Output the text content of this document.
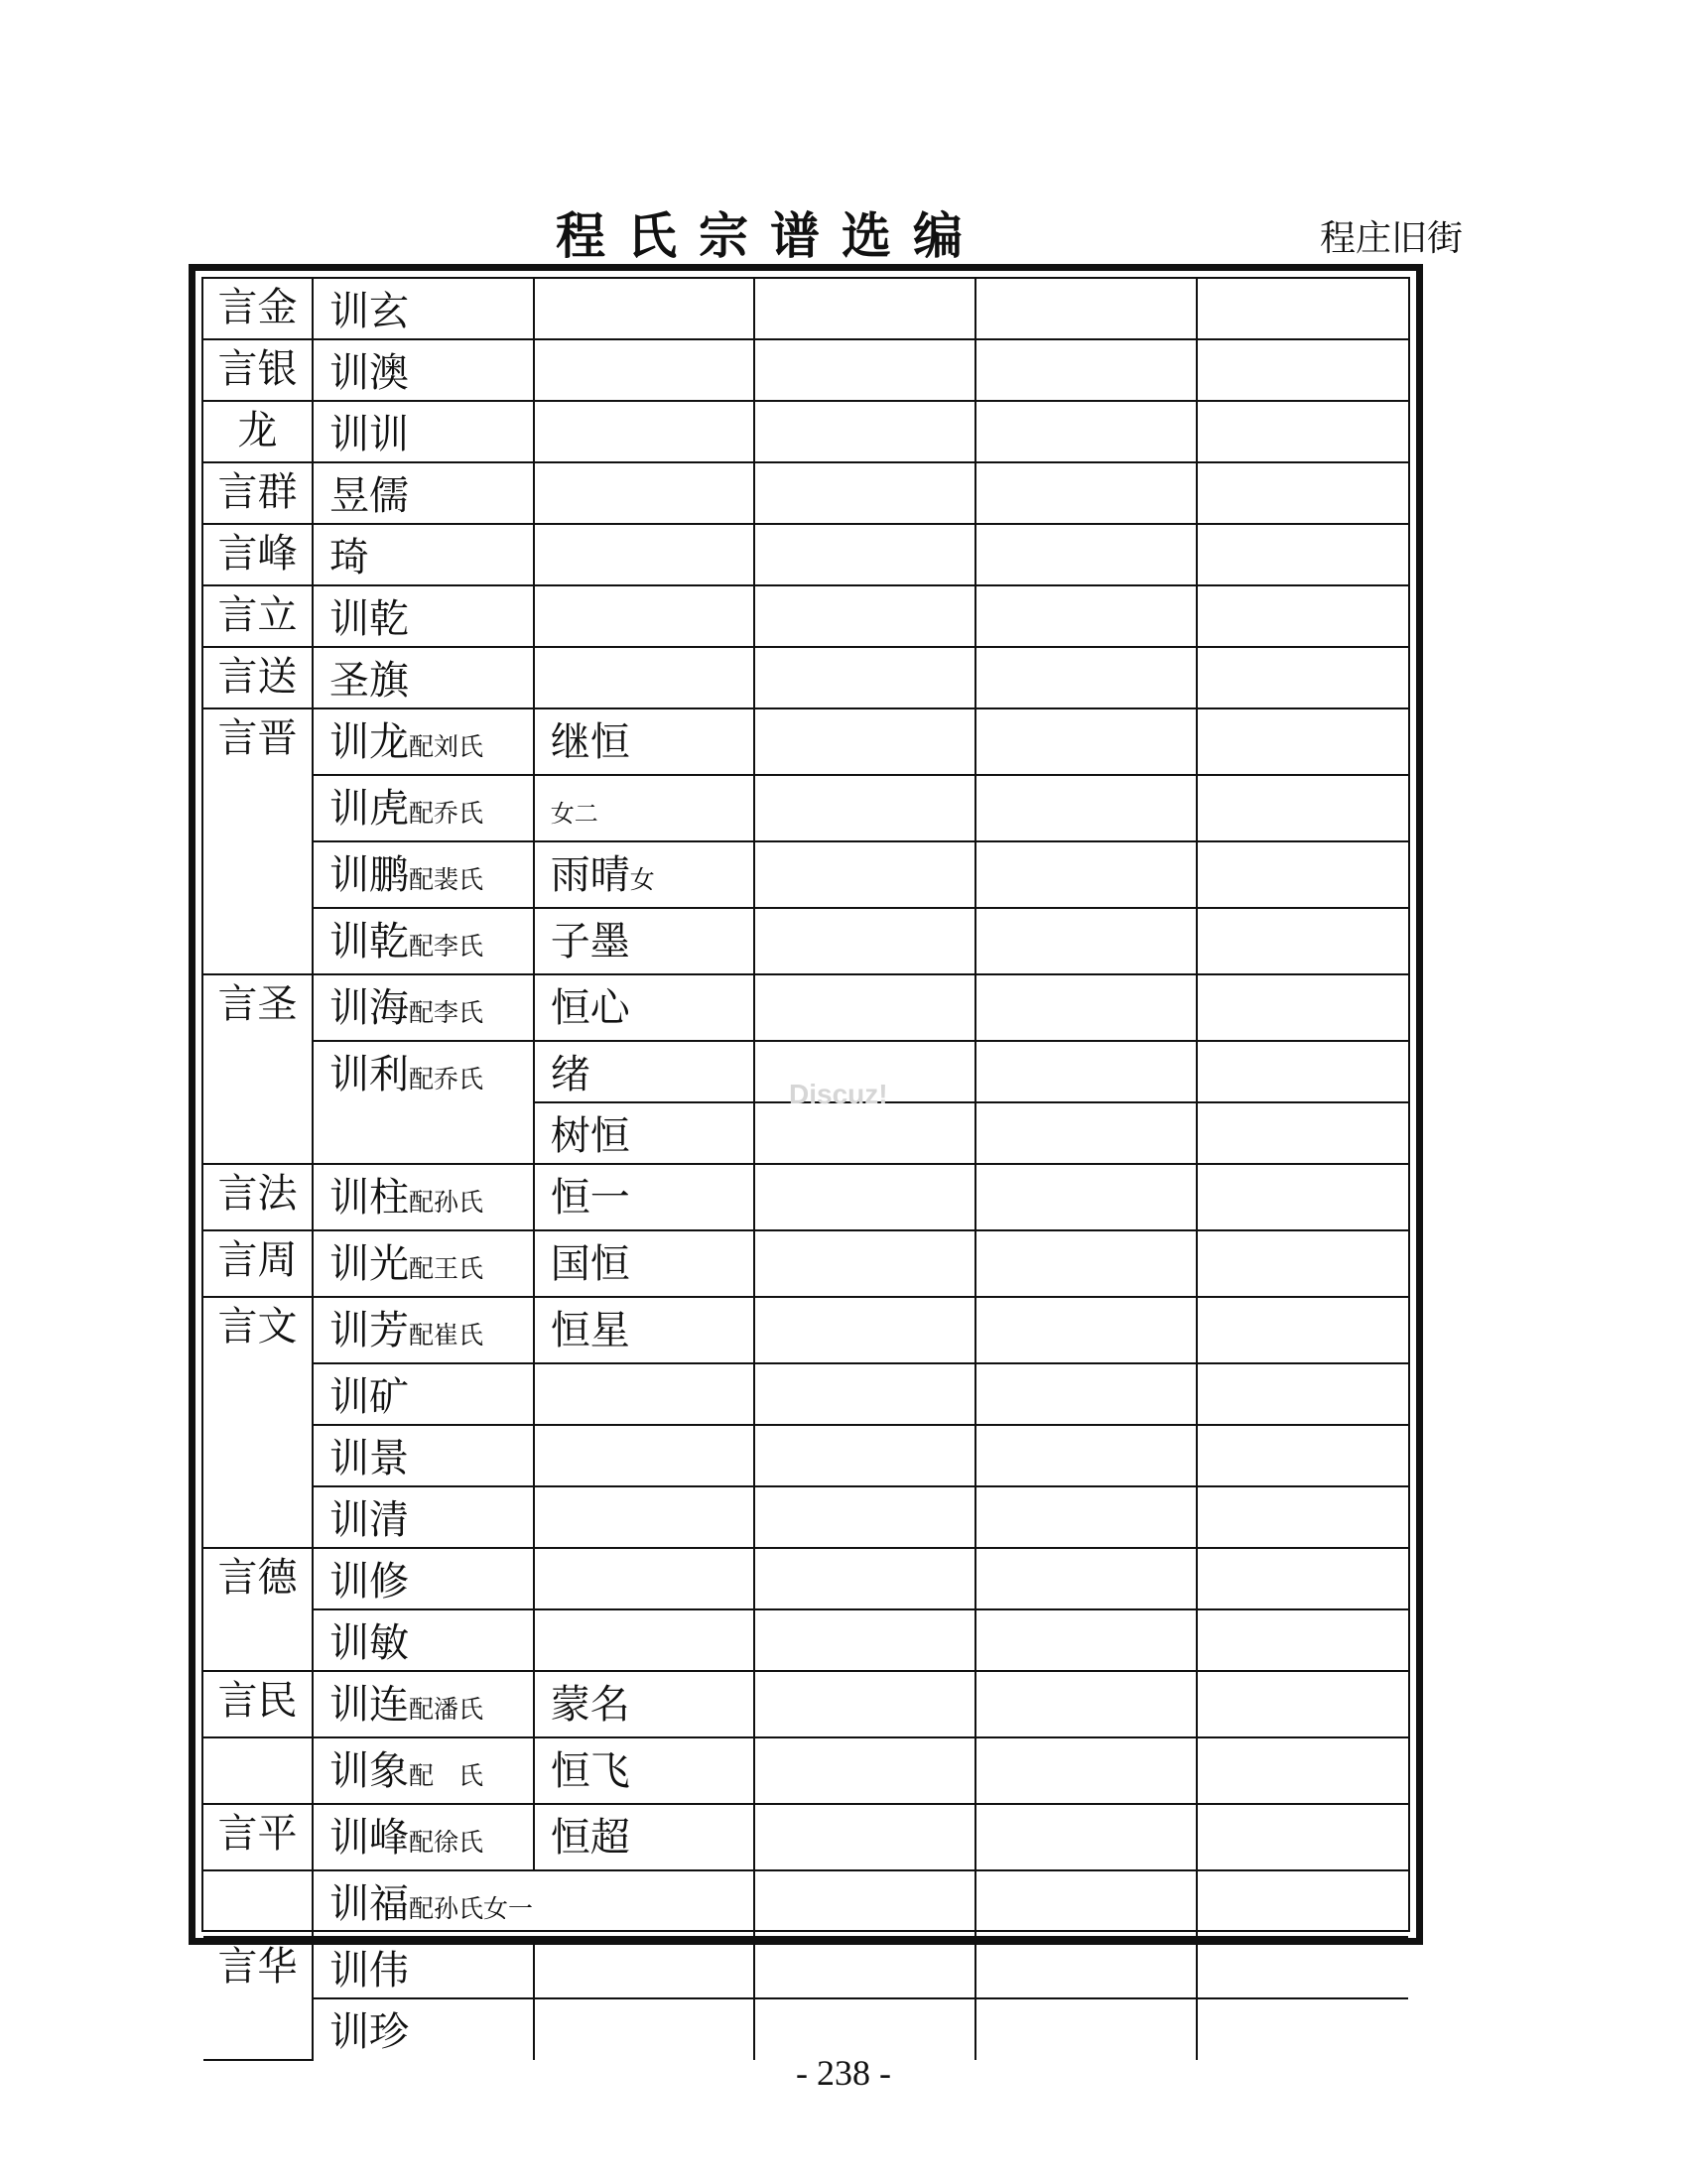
程氏宗谱选编	程庄旧街
言金	训玄				
言银	训澳				
龙	训训				
言群	昱儒				
言峰	琦				
言立	训乾				
言送	圣旗				
言晋	训龙配刘氏	继恒			
	训虎配乔氏	女二			
	训鹏配裴氏	雨晴女			
	训乾配李氏	子墨			
言圣	训海配李氏	恒心			
	训利配乔氏	绪			
		树恒			
言法	训柱配孙氏	恒一			
言周	训光配王氏	国恒			
言文	训芳配崔氏	恒星			
	训矿				
	训景				
	训清				
言德	训修				
	训敏				
言民	训连配潘氏	蒙名			
	训象配　氏	恒飞			
言平	训峰配徐氏	恒超			
	训福配孙氏女一				
言华	训伟				
	训珍				
Discuz!
- 238 -
